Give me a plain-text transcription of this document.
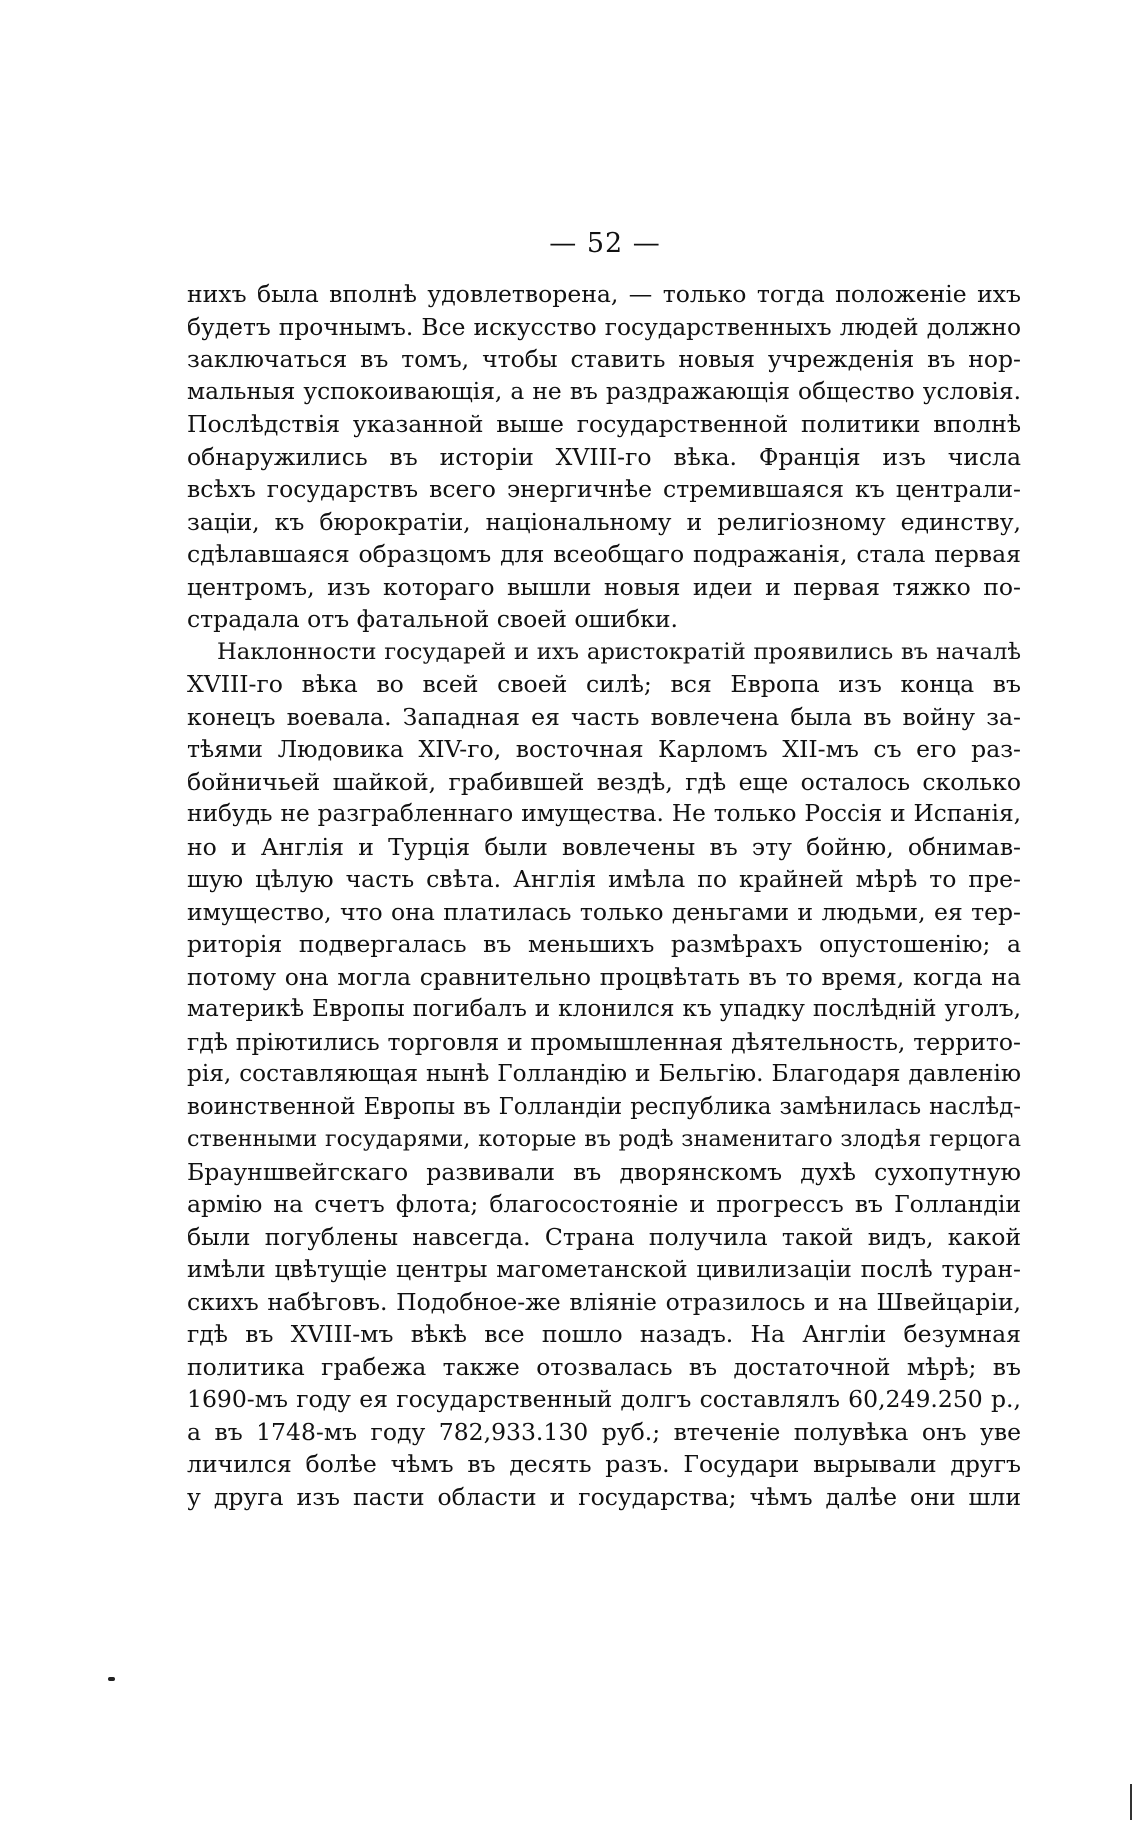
— 52 —
нихъ была вполнѣ удовлетворена, — только тогда положеніе ихъ
будетъ прочнымъ. Все искусство государственныхъ людей должно
заключаться въ томъ, чтобы ставить новыя учрежденія въ нор-
мальныя успокоивающія, а не въ раздражающія общество условія.
Послѣдствія указанной выше государственной политики вполнѣ
обнаружились въ исторіи XVIII-го вѣка. Франція изъ числа
всѣхъ государствъ всего энергичнѣе стремившаяся къ централи-
заціи, къ бюрократіи, національному и религіозному единству,
сдѣлавшаяся образцомъ для всеобщаго подражанія, стала первая
центромъ, изъ котораго вышли новыя идеи и первая тяжко по-
страдала отъ фатальной своей ошибки.
Наклонности государей и ихъ аристократій проявились въ началѣ
XVIII-го вѣка во всей своей силѣ; вся Европа изъ конца въ
конецъ воевала. Западная ея часть вовлечена была въ войну за-
тѣями Людовика XIV-го, восточная Карломъ XII-мъ съ его раз-
бойничьей шайкой, грабившей вездѣ, гдѣ еще осталось сколько
нибудь не разграбленнаго имущества. Не только Россія и Испанія,
но и Англія и Турція были вовлечены въ эту бойню, обнимав-
шую цѣлую часть свѣта. Англія имѣла по крайней мѣрѣ то пре-
имущество, что она платилась только деньгами и людьми, ея тер-
риторія подвергалась въ меньшихъ размѣрахъ опустошенію; а
потому она могла сравнительно процвѣтать въ то время, когда на
материкѣ Европы погибалъ и клонился къ упадку послѣдній уголъ,
гдѣ пріютились торговля и промышленная дѣятельность, террито-
рія, составляющая нынѣ Голландію и Бельгію. Благодаря давленію
воинственной Европы въ Голландіи республика замѣнилась наслѣд-
ственными государями, которые въ родѣ знаменитаго злодѣя герцога
Брауншвейгскаго развивали въ дворянскомъ духѣ сухопутную
армію на счетъ флота; благосостояніе и прогрессъ въ Голландіи
были погублены навсегда. Страна получила такой видъ, какой
имѣли цвѣтущіе центры магометанской цивилизаціи послѣ туран-
скихъ набѣговъ. Подобное-же вліяніе отразилось и на Швейцаріи,
гдѣ въ XVIII-мъ вѣкѣ все пошло назадъ. На Англіи безумная
политика грабежа также отозвалась въ достаточной мѣрѣ; въ
1690-мъ году ея государственный долгъ составлялъ 60,249.250 р.,
а въ 1748-мъ году 782,933.130 руб.; втеченіе полувѣка онъ уве
личился болѣе чѣмъ въ десять разъ. Государи вырывали другъ
у друга изъ пасти области и государства; чѣмъ далѣе они шли
